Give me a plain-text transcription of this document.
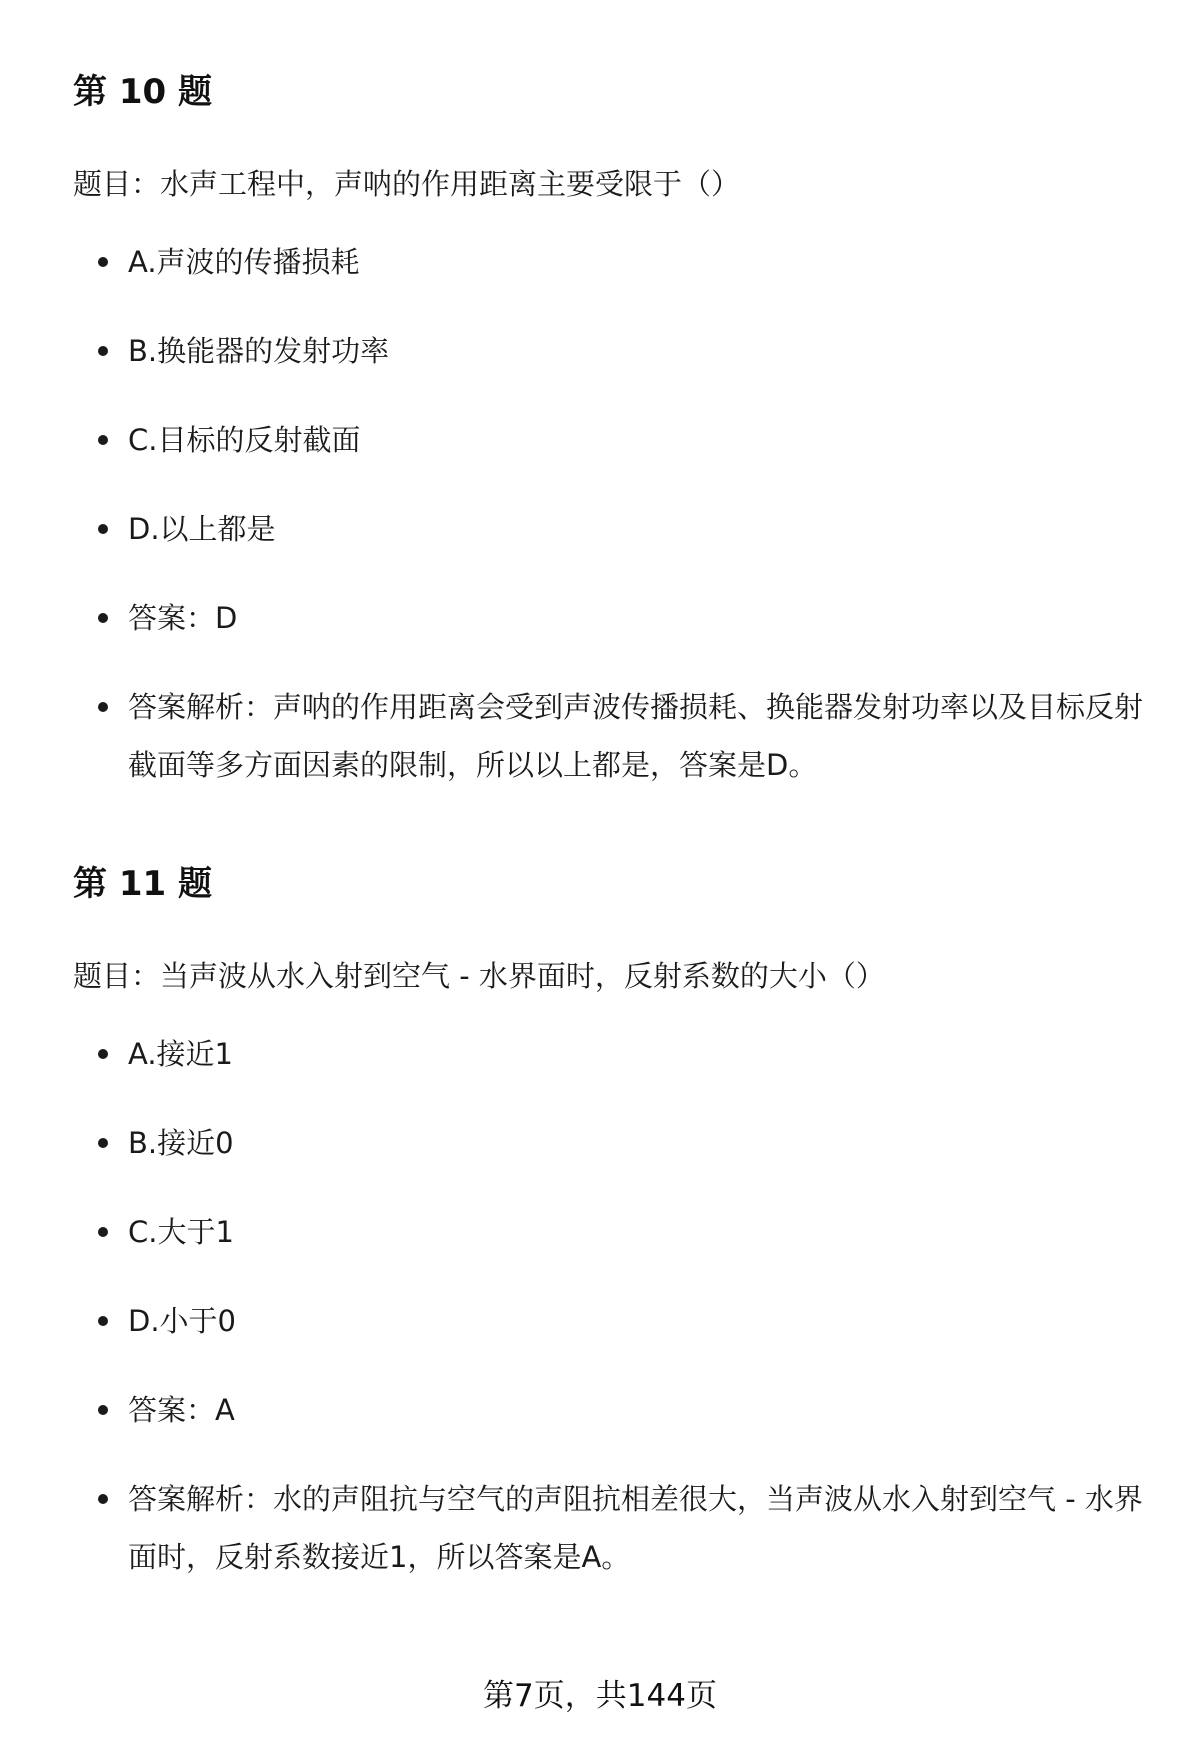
第 10 题

题目：水声工程中，声呐的作用距离主要受限于（）

A.声波的传播损耗
B.换能器的发射功率
C.目标的反射截面
D.以上都是
答案：D
答案解析：声呐的作用距离会受到声波传播损耗、换能器发射功率以及目标反射截面等多方面因素的限制，所以以上都是，答案是D。
第 11 题

题目：当声波从水入射到空气 - 水界面时，反射系数的大小（）

A.接近1
B.接近0
C.大于1
D.小于0
答案：A
答案解析：水的声阻抗与空气的声阻抗相差很大，当声波从水入射到空气 - 水界面时，反射系数接近1，所以答案是A。
第7页，共144页
